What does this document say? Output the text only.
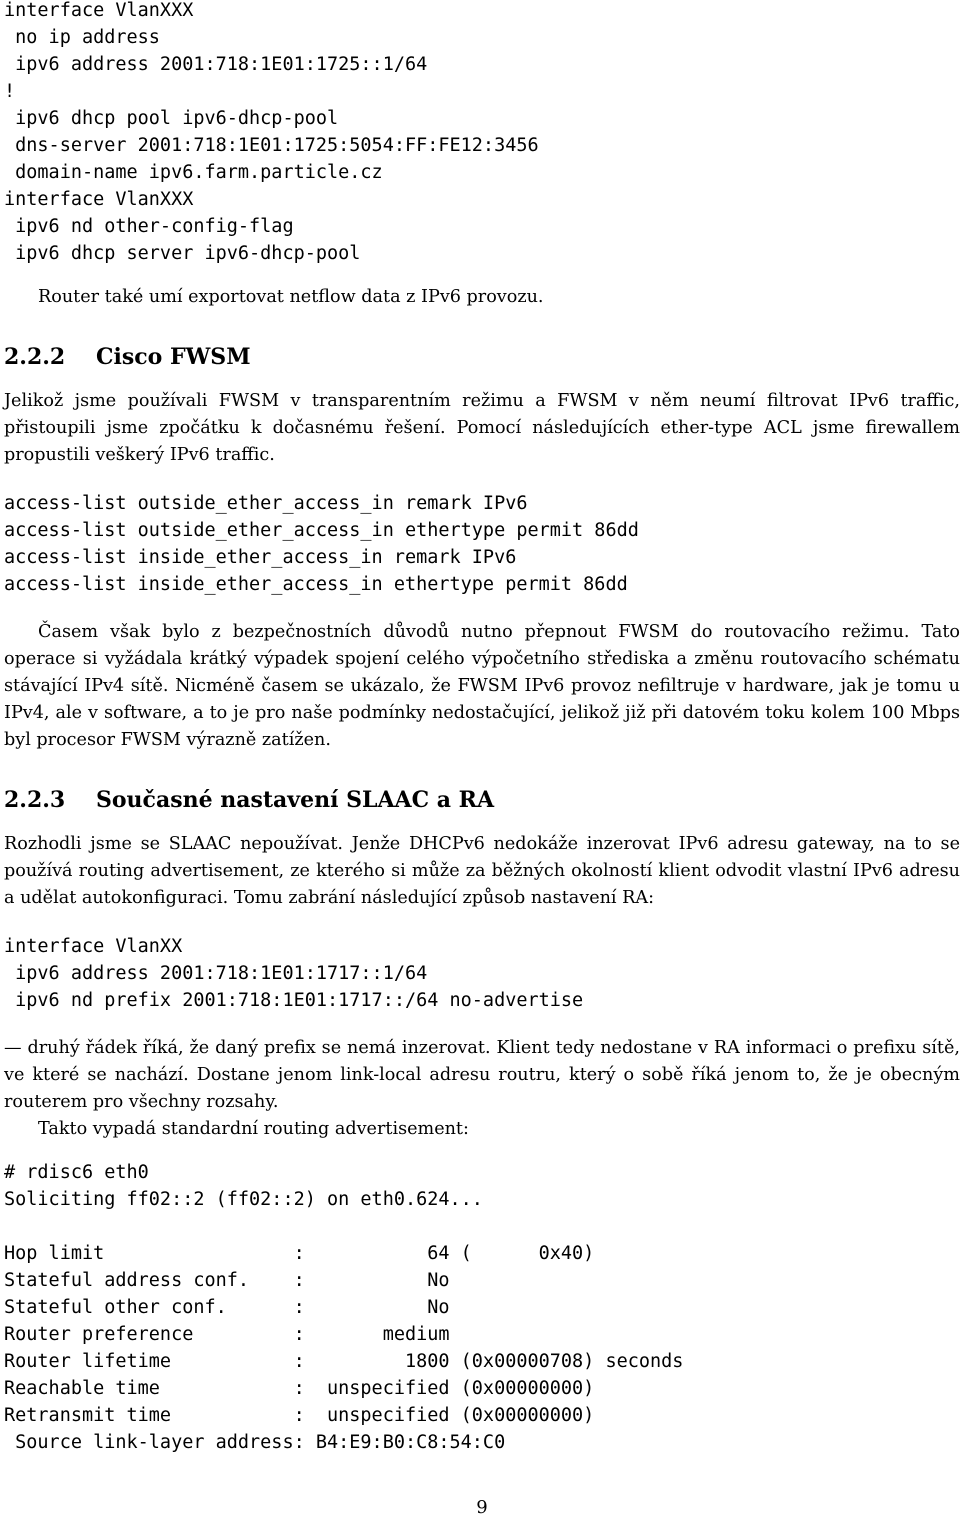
interface VlanXXX
no ip address
ipv6 address 2001:718:1E01:1725::1/64
!
ipv6 dhcp pool ipv6-dhcp-pool
dns-server 2001:718:1E01:1725:5054:FF:FE12:3456
domain-name ipv6.farm.particle.cz
interface VlanXXX
ipv6 nd other-config-flag
ipv6 dhcp server ipv6-dhcp-pool

Router také umí exportovat netflow data z IPv6 provozu.

2.2.2 Cisco FWSM

Jelikož jsme používali FWSM v transparentním režimu a FWSM v něm neumí filtrovat IPv6 traffic, přistoupili jsme zpočátku k dočasnému řešení. Pomocí následujících ether-type ACL jsme firewallem propustili veškerý IPv6 traffic.

access-list outside_ether_access_in remark IPv6
access-list outside_ether_access_in ethertype permit 86dd
access-list inside_ether_access_in remark IPv6
access-list inside_ether_access_in ethertype permit 86dd

Časem však bylo z bezpečnostních důvodů nutno přepnout FWSM do routovacího režimu. Tato operace si vyžádala krátký výpadek spojení celého výpočetního střediska a změnu routovacího schématu stávající IPv4 sítě. Nicméně časem se ukázalo, že FWSM IPv6 provoz nefiltruje v hardware, jak je tomu u IPv4, ale v software, a to je pro naše podmínky nedostačující, jelikož již při datovém toku kolem 100 Mbps byl procesor FWSM výrazně zatížen.

2.2.3 Současné nastavení SLAAC a RA

Rozhodli jsme se SLAAC nepoužívat. Jenže DHCPv6 nedokáže inzerovat IPv6 adresu gateway, na to se používá routing advertisement, ze kterého si může za běžných okolností klient odvodit vlastní IPv6 adresu a udělat autokonfiguraci. Tomu zabrání následující způsob nastavení RA:

interface VlanXX
ipv6 address 2001:718:1E01:1717::1/64
ipv6 nd prefix 2001:718:1E01:1717::/64 no-advertise

— druhý řádek říká, že daný prefix se nemá inzerovat. Klient tedy nedostane v RA informaci o prefixu sítě, ve které se nachází. Dostane jenom link-local adresu routru, který o sobě říká jenom to, že je obecným routerem pro všechny rozsahy.

Takto vypadá standardní routing advertisement:

# rdisc6 eth0
Soliciting ff02::2 (ff02::2) on eth0.624...
Hop limit                 :           64 (      0x40)
Stateful address conf.    :           No
Stateful other conf.      :           No
Router preference         :       medium
Router lifetime           :         1800 (0x00000708) seconds
Reachable time            :  unspecified (0x00000000)
Retransmit time           :  unspecified (0x00000000)
Source link-layer address: B4:E9:B0:C8:54:C0
9
